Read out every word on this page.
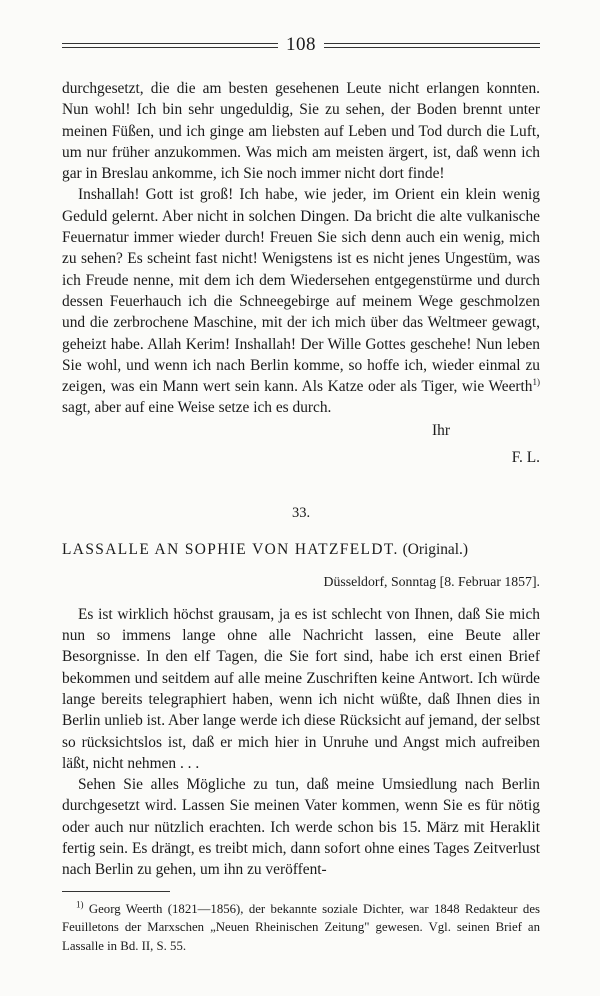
108

durchgesetzt, die die am besten gesehenen Leute nicht erlangen konnten. Nun wohl! Ich bin sehr ungeduldig, Sie zu sehen, der Boden brennt unter meinen Füßen, und ich ginge am liebsten auf Leben und Tod durch die Luft, um nur früher anzukommen. Was mich am meisten ärgert, ist, daß wenn ich gar in Breslau ankomme, ich Sie noch immer nicht dort finde!

Inshallah! Gott ist groß! Ich habe, wie jeder, im Orient ein klein wenig Geduld gelernt. Aber nicht in solchen Dingen. Da bricht die alte vulkanische Feuernatur immer wieder durch! Freuen Sie sich denn auch ein wenig, mich zu sehen? Es scheint fast nicht! Wenigstens ist es nicht jenes Ungestüm, was ich Freude nenne, mit dem ich dem Wiedersehen entgegenstürme und durch dessen Feuerhauch ich die Schneegebirge auf meinem Wege geschmolzen und die zerbrochene Maschine, mit der ich mich über das Weltmeer gewagt, geheizt habe. Allah Kerim! Inshallah! Der Wille Gottes geschehe! Nun leben Sie wohl, und wenn ich nach Berlin komme, so hoffe ich, wieder einmal zu zeigen, was ein Mann wert sein kann. Als Katze oder als Tiger, wie Weerth$^{1)}$ sagt, aber auf eine Weise setze ich es durch.

Ihr
F. L.
33.
LASSALLE AN SOPHIE VON HATZFELDT. (Original.)
Düsseldorf, Sonntag [8. Februar 1857].

Es ist wirklich höchst grausam, ja es ist schlecht von Ihnen, daß Sie mich nun so immens lange ohne alle Nachricht lassen, eine Beute aller Besorgnisse. In den elf Tagen, die Sie fort sind, habe ich erst einen Brief bekommen und seitdem auf alle meine Zuschriften keine Antwort. Ich würde lange bereits telegraphiert haben, wenn ich nicht wüßte, daß Ihnen dies in Berlin unlieb ist. Aber lange werde ich diese Rücksicht auf jemand, der selbst so rücksichtslos ist, daß er mich hier in Unruhe und Angst mich aufreiben läßt, nicht nehmen . . .

Sehen Sie alles Mögliche zu tun, daß meine Umsiedlung nach Berlin durchgesetzt wird. Lassen Sie meinen Vater kommen, wenn Sie es für nötig oder auch nur nützlich erachten. Ich werde schon bis 15. März mit Heraklit fertig sein. Es drängt, es treibt mich, dann sofort ohne eines Tages Zeitverlust nach Berlin zu gehen, um ihn zu veröffent-

$^{1)}$ Georg Weerth (1821—1856), der bekannte soziale Dichter, war 1848 Redakteur des Feuilletons der Marxschen „Neuen Rheinischen Zeitung" gewesen. Vgl. seinen Brief an Lassalle in Bd. II, S. 55.
